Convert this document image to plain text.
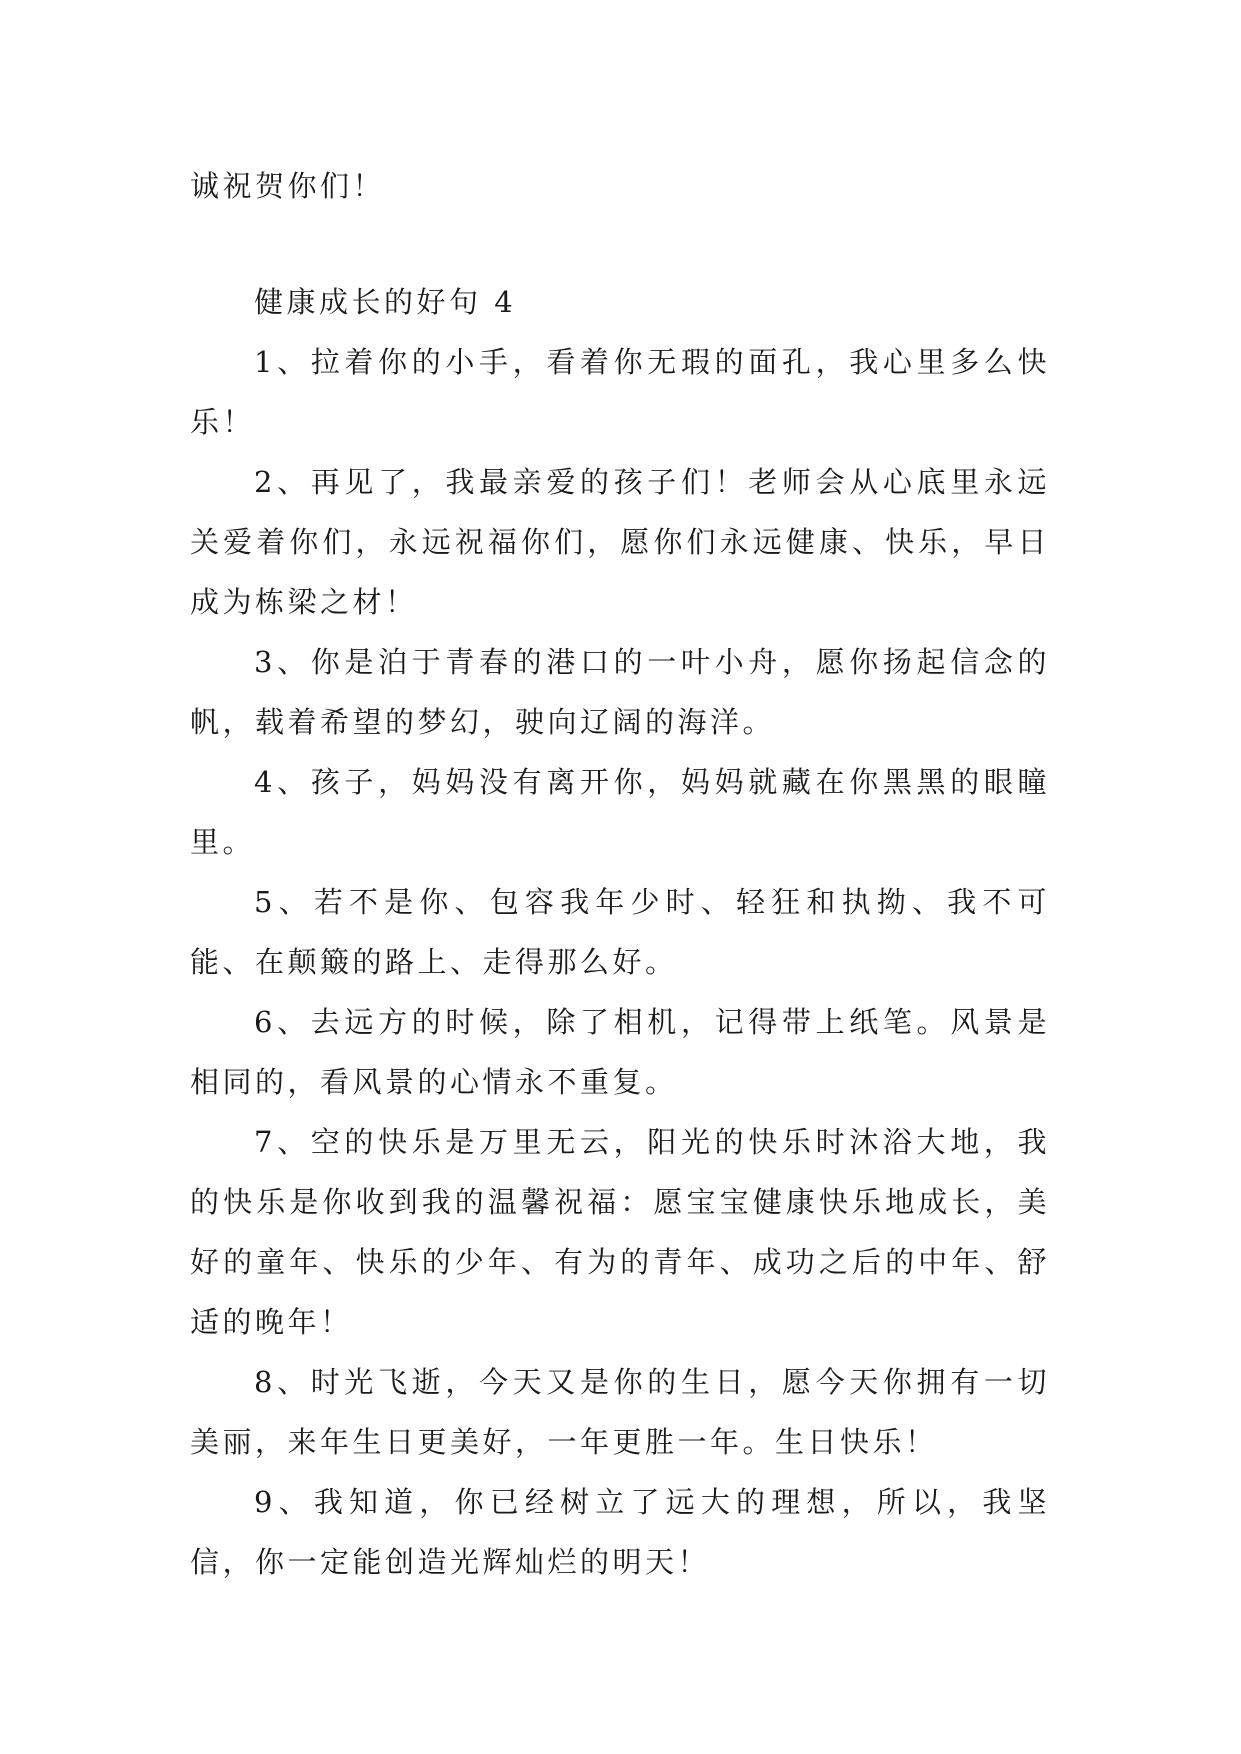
诚祝贺你们！

健康成长的好句 4

1、拉着你的小手，看着你无瑕的面孔，我心里多么快乐！

2、再见了，我最亲爱的孩子们！老师会从心底里永远关爱着你们，永远祝福你们，愿你们永远健康、快乐，早日成为栋梁之材！

3、你是泊于青春的港口的一叶小舟，愿你扬起信念的帆，载着希望的梦幻，驶向辽阔的海洋。

4、孩子，妈妈没有离开你，妈妈就藏在你黑黑的眼瞳里。

5、若不是你、包容我年少时、轻狂和执拗、我不可能、在颠簸的路上、走得那么好。

6、去远方的时候，除了相机，记得带上纸笔。风景是相同的，看风景的心情永不重复。

7、空的快乐是万里无云，阳光的快乐时沐浴大地，我的快乐是你收到我的温馨祝福：愿宝宝健康快乐地成长，美好的童年、快乐的少年、有为的青年、成功之后的中年、舒适的晚年！

8、时光飞逝，今天又是你的生日，愿今天你拥有一切美丽，来年生日更美好，一年更胜一年。生日快乐！

9、我知道，你已经树立了远大的理想，所以，我坚信，你一定能创造光辉灿烂的明天！
